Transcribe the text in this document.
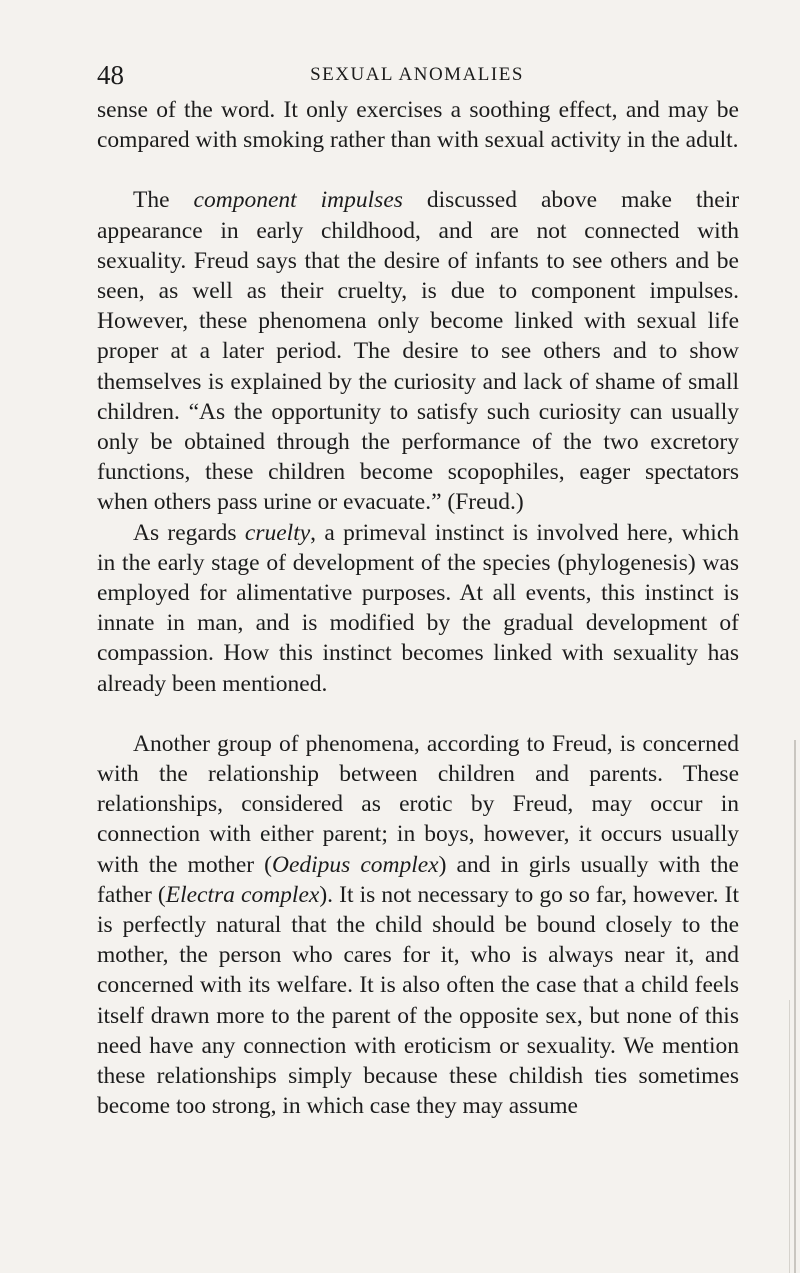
48	SEXUAL ANOMALIES

sense of the word. It only exercises a soothing effect, and may be compared with smoking rather than with sexual activity in the adult.

The component impulses discussed above make their appearance in early childhood, and are not connected with sexuality. Freud says that the desire of infants to see others and be seen, as well as their cruelty, is due to component impulses. However, these phenomena only become linked with sexual life proper at a later period. The desire to see others and to show themselves is explained by the curiosity and lack of shame of small children. “As the opportunity to satisfy such curiosity can usually only be obtained through the performance of the two excretory functions, these children become scopophiles, eager spectators when others pass urine or evacuate.” (Freud.)

As regards cruelty, a primeval instinct is involved here, which in the early stage of development of the species (phylogenesis) was employed for alimentative purposes. At all events, this instinct is innate in man, and is modified by the gradual development of compassion. How this instinct becomes linked with sexuality has already been mentioned.

Another group of phenomena, according to Freud, is concerned with the relationship between children and parents. These relationships, considered as erotic by Freud, may occur in connection with either parent; in boys, however, it occurs usually with the mother (Oedipus complex) and in girls usually with the father (Electra complex). It is not necessary to go so far, however. It is perfectly natural that the child should be bound closely to the mother, the person who cares for it, who is always near it, and concerned with its welfare. It is also often the case that a child feels itself drawn more to the parent of the opposite sex, but none of this need have any connection with eroticism or sexuality. We mention these relationships simply because these childish ties sometimes become too strong, in which case they may assume
